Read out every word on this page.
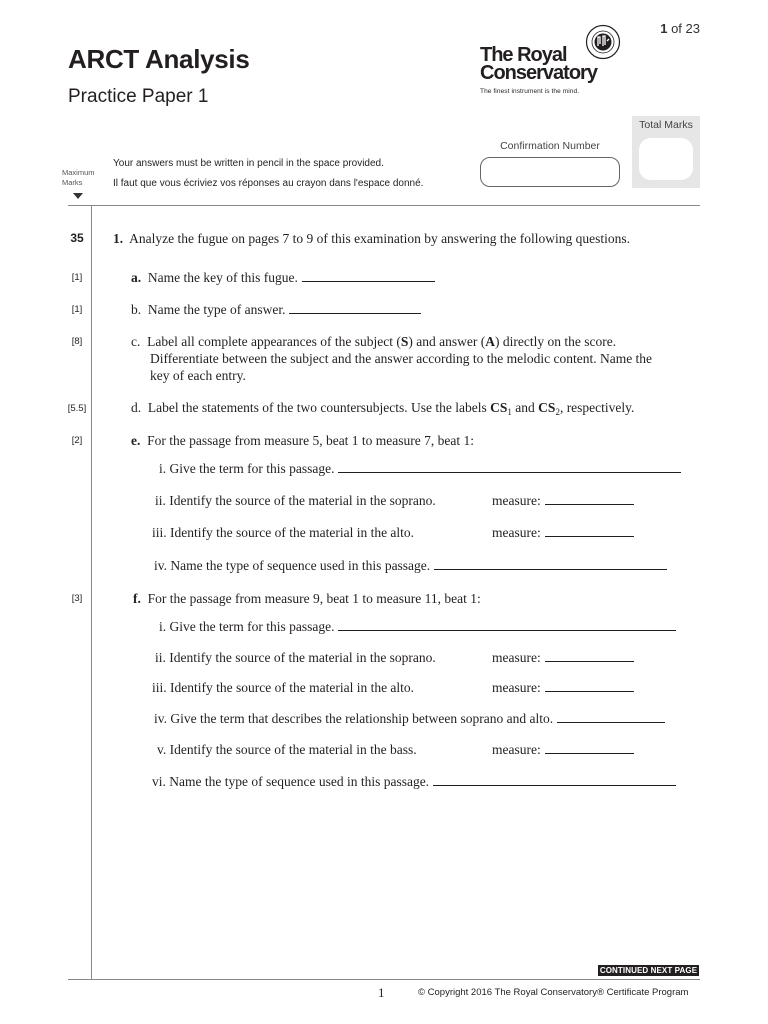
1 of 23
ARCT Analysis
Practice Paper 1
The Royal
Conservatory
The finest instrument is the mind.
Total Marks
Confirmation Number
Maximum
Marks
Your answers must be written in pencil in the space provided.
Il faut que vous écriviez vos réponses au crayon dans l'espace donné.
35	1. Analyze the fugue on pages 7 to 9 of this examination by answering the following questions.
[1]	a. Name the key of this fugue.
[1]	b. Name the type of answer.
[8]	c. Label all complete appearances of the subject (S) and answer (A) directly on the score.
Differentiate between the subject and the answer according to the melodic content. Name the
key of each entry.
[5.5]	d. Label the statements of the two countersubjects. Use the labels $CS_1$ and $CS_2$, respectively.
[2]	e. For the passage from measure 5, beat 1 to measure 7, beat 1:
i. Give the term for this passage.
ii. Identify the source of the material in the soprano.	measure:
iii. Identify the source of the material in the alto.	measure:
iv. Name the type of sequence used in this passage.
[3]	f. For the passage from measure 9, beat 1 to measure 11, beat 1:
i. Give the term for this passage.
ii. Identify the source of the material in the soprano.	measure:
iii. Identify the source of the material in the alto.	measure:
iv. Give the term that describes the relationship between soprano and alto.
v. Identify the source of the material in the bass.	measure:
vi. Name the type of sequence used in this passage.
CONTINUED NEXT PAGE
1	© Copyright 2016 The Royal Conservatory® Certificate Program
